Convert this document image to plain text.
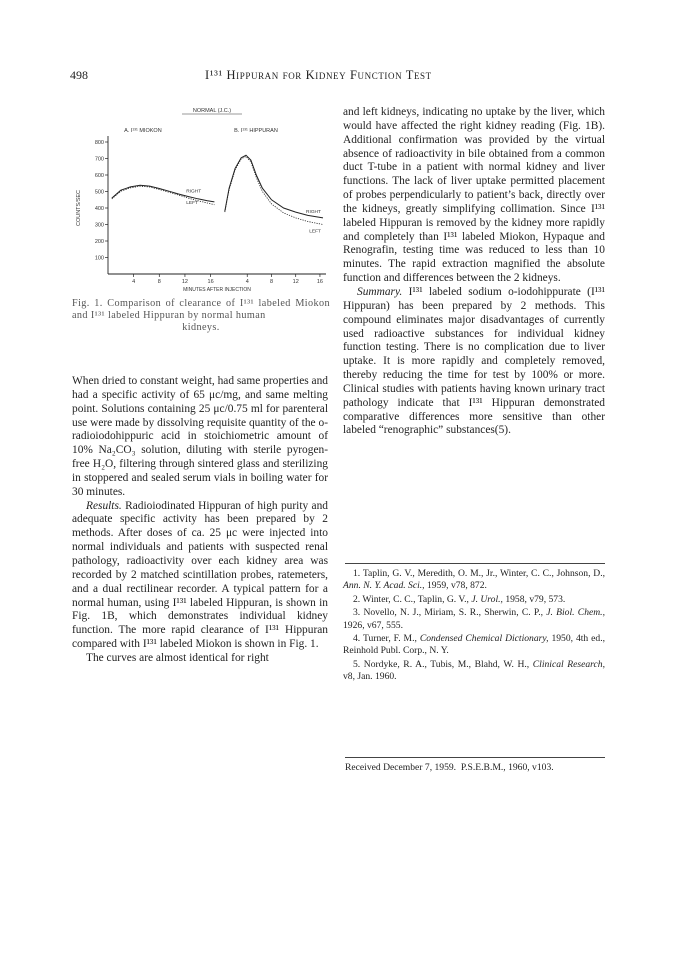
498	I¹³¹ Hippuran for Kidney Function Test
NORMAL (J.C.)
100
200
300
400
500
600
700
800
COUNTS/SEC
MINUTES AFTER INJECTION
A. I¹³¹ MIOKON
4	8	12	16
RIGHT
LEFT
B. I¹³¹ HIPPURAN
4	8	12	16
RIGHT
LEFT
Fig. 1. Comparison of clearance of I¹³¹ labeled Miokon and I¹³¹ labeled Hippuran by normal human
kidneys.

When dried to constant weight, had same properties and had a specific activity of 65 μc/mg, and same melting point. Solutions containing 25 μc/0.75 ml for parenteral use were made by dissolving requisite quantity of the o-radioiodohippuric acid in stoichiometric amount of 10% Na₂CO₃ solution, diluting with sterile pyrogen-free H₂O, filtering through sintered glass and sterilizing in stoppered and sealed serum vials in boiling water for 30 minutes.

Results. Radioiodinated Hippuran of high purity and adequate specific activity has been prepared by 2 methods. After doses of ca. 25 μc were injected into normal individuals and patients with suspected renal pathology, radioactivity over each kidney area was recorded by 2 matched scintillation probes, ratemeters, and a dual rectilinear recorder. A typical pattern for a normal human, using I¹³¹ labeled Hippuran, is shown in Fig. 1B, which demonstrates individual kidney function. The more rapid clearance of I¹³¹ Hippuran compared with I¹³¹ labeled Miokon is shown in Fig. 1.

The curves are almost identical for right

and left kidneys, indicating no uptake by the liver, which would have affected the right kidney reading (Fig. 1B). Additional confirmation was provided by the virtual absence of radioactivity in bile obtained from a common duct T-tube in a patient with normal kidney and liver functions. The lack of liver uptake permitted placement of probes perpendicularly to patient’s back, directly over the kidneys, greatly simplifying collimation. Since I¹³¹ labeled Hippuran is removed by the kidney more rapidly and completely than I¹³¹ labeled Miokon, Hypaque and Renografin, testing time was reduced to less than 10 minutes. The rapid extraction magnified the absolute function and differences between the 2 kidneys.

Summary. I¹³¹ labeled sodium o-iodohippurate (I¹³¹ Hippuran) has been prepared by 2 methods. This compound eliminates major disadvantages of currently used radioactive substances for individual kidney function testing. There is no complication due to liver uptake. It is more rapidly and completely removed, thereby reducing the time for test by 100% or more. Clinical studies with patients having known urinary tract pathology indicate that I¹³¹ Hippuran demonstrated comparative differences more sensitive than other labeled “renographic” substances(5).

1. Taplin, G. V., Meredith, O. M., Jr., Winter, C. C., Johnson, D., Ann. N. Y. Acad. Sci., 1959, v78, 872.

2. Winter, C. C., Taplin, G. V., J. Urol., 1958, v79, 573.

3. Novello, N. J., Miriam, S. R., Sherwin, C. P., J. Biol. Chem., 1926, v67, 555.

4. Turner, F. M., Condensed Chemical Dictionary, 1950, 4th ed., Reinhold Publ. Corp., N. Y.

5. Nordyke, R. A., Tubis, M., Blahd, W. H., Clinical Research, v8, Jan. 1960.

Received December 7, 1959. P.S.E.B.M., 1960, v103.
